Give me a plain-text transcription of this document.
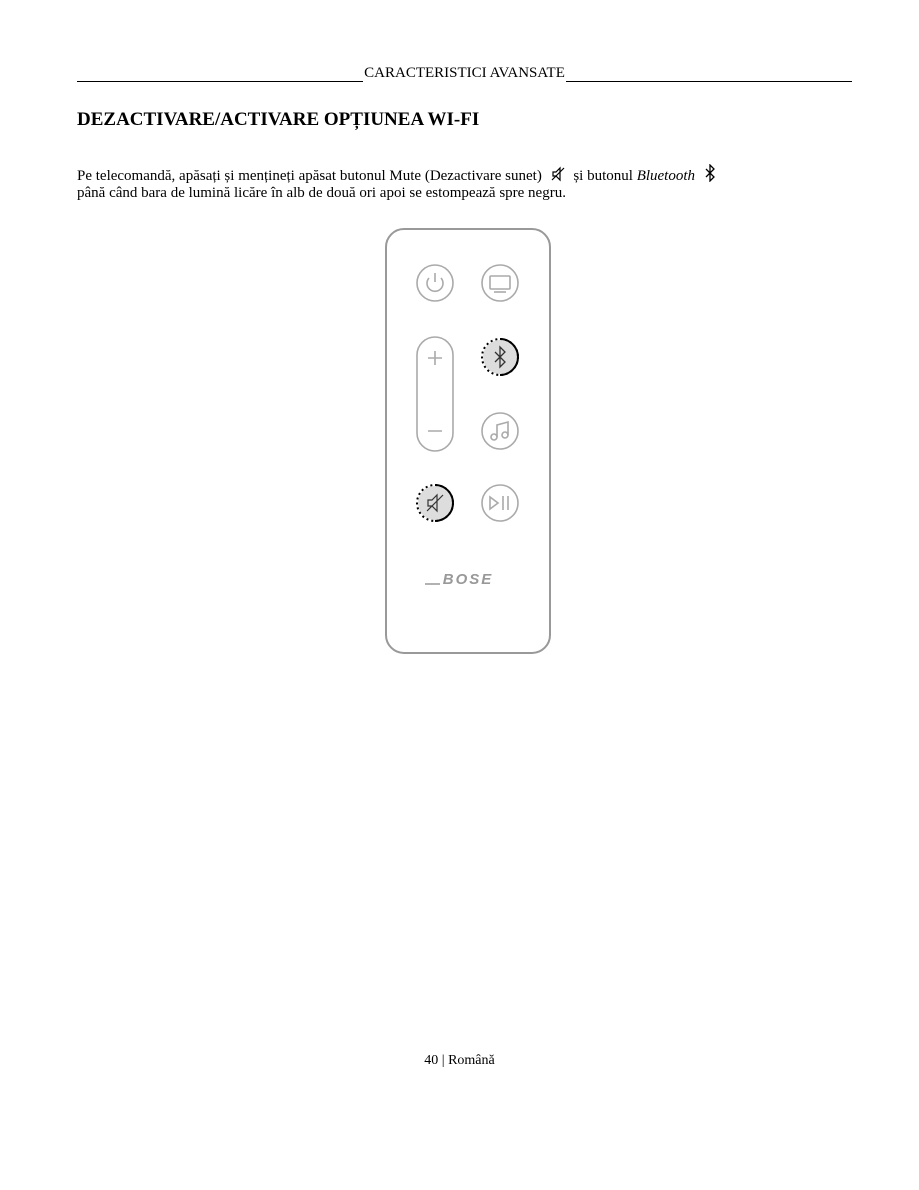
CARACTERISTICI AVANSATE
DEZACTIVARE/ACTIVARE OPȚIUNEA WI-FI
Pe telecomandă, apăsați și mențineți apăsat butonul Mute (Dezactivare sunet) și butonul Bluetooth
până când bara de lumină licăre în alb de două ori apoi se estompează spre negru.
BOSE
40 | Română
